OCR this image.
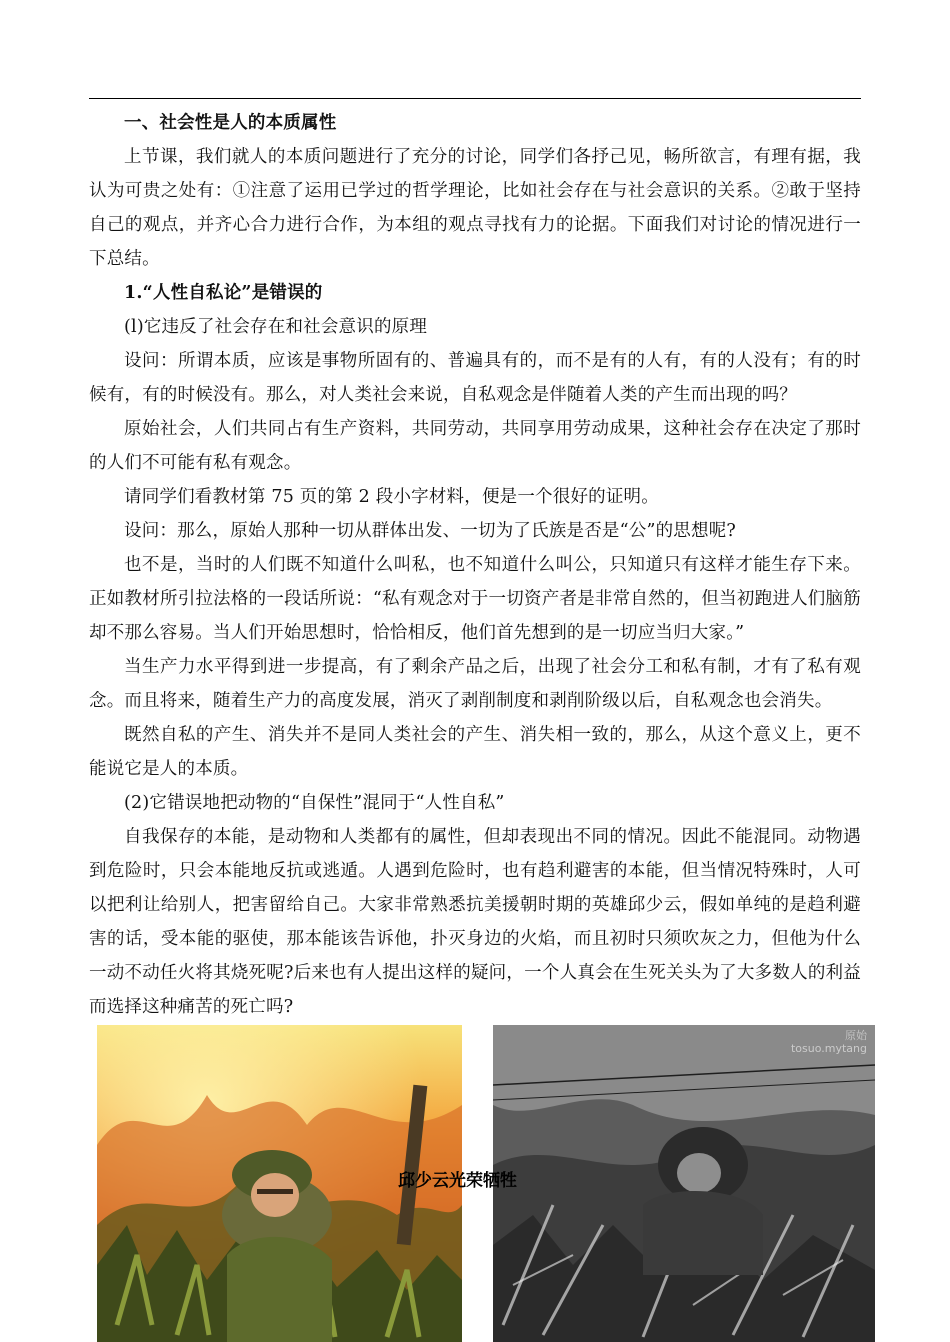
一、社会性是人的本质属性

上节课，我们就人的本质问题进行了充分的讨论，同学们各抒己见，畅所欲言，有理有据，我认为可贵之处有：①注意了运用已学过的哲学理论，比如社会存在与社会意识的关系。②敢于坚持自己的观点，并齐心合力进行合作，为本组的观点寻找有力的论据。下面我们对讨论的情况进行一下总结。

1.“人性自私论”是错误的

(l)它违反了社会存在和社会意识的原理

设问：所谓本质，应该是事物所固有的、普遍具有的，而不是有的人有，有的人没有；有的时候有，有的时候没有。那么，对人类社会来说，自私观念是伴随着人类的产生而出现的吗？

原始社会，人们共同占有生产资料，共同劳动，共同享用劳动成果，这种社会存在决定了那时的人们不可能有私有观念。

请同学们看教材第 75 页的第 2 段小字材料，便是一个很好的证明。

设问：那么，原始人那种一切从群体出发、一切为了氏族是否是“公”的思想呢?

也不是，当时的人们既不知道什么叫私，也不知道什么叫公，只知道只有这样才能生存下来。正如教材所引拉法格的一段话所说：“私有观念对于一切资产者是非常自然的，但当初跑进人们脑筋却不那么容易。当人们开始思想时，恰恰相反，他们首先想到的是一切应当归大家。”

当生产力水平得到进一步提高，有了剩余产品之后，出现了社会分工和私有制，才有了私有观念。而且将来，随着生产力的高度发展，消灭了剥削制度和剥削阶级以后，自私观念也会消失。

既然自私的产生、消失并不是同人类社会的产生、消失相一致的，那么，从这个意义上，更不能说它是人的本质。

(2)它错误地把动物的“自保性”混同于“人性自私”

自我保存的本能，是动物和人类都有的属性，但却表现出不同的情况。因此不能混同。动物遇到危险时，只会本能地反抗或逃遁。人遇到危险时，也有趋利避害的本能，但当情况特殊时，人可以把利让给别人，把害留给自己。大家非常熟悉抗美援朝时期的英雄邱少云，假如单纯的是趋利避害的话，受本能的驱使，那本能该告诉他，扑灭身边的火焰，而且初时只须吹灰之力，但他为什么一动不动任火将其烧死呢?后来也有人提出这样的疑问，一个人真会在生死关头为了大多数人的利益而选择这种痛苦的死亡吗?

原始
tosuo.mytang
邱少云光荣牺牲
